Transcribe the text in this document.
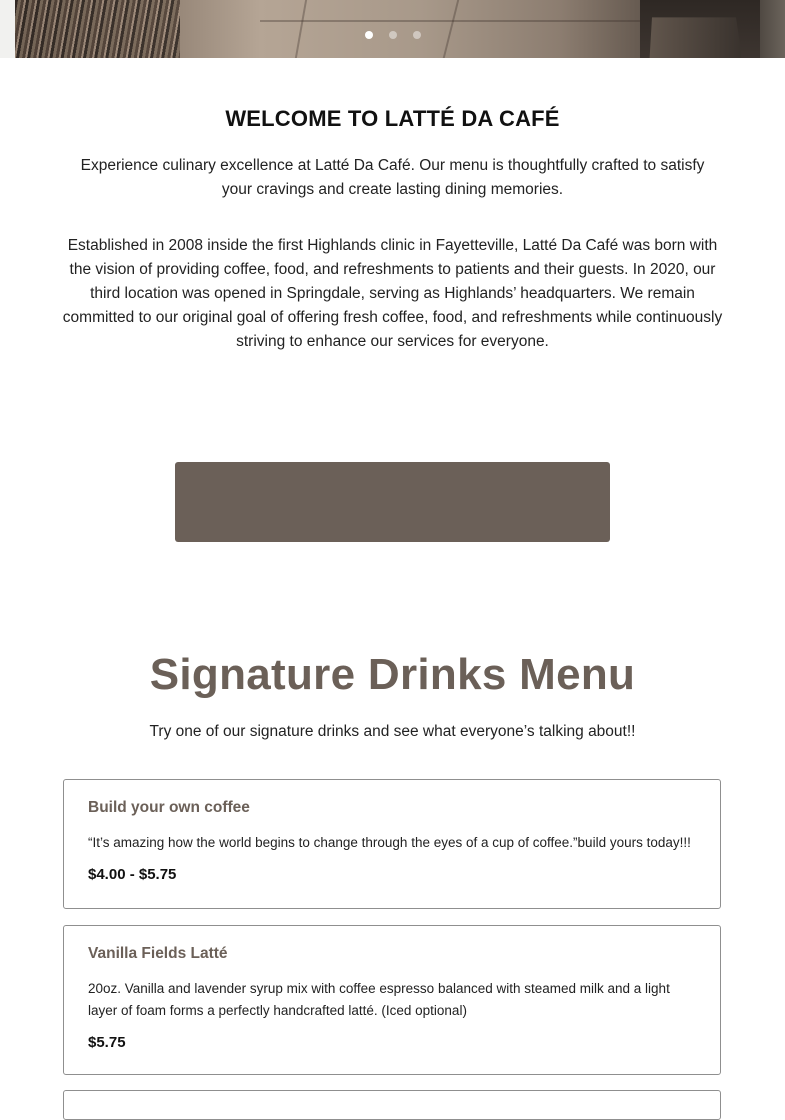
WELCOME TO LATTÉ DA CAFÉ

Experience culinary excellence at Latté Da Café. Our menu is thoughtfully crafted to satisfy your cravings and create lasting dining memories.

Established in 2008 inside the first Highlands clinic in Fayetteville, Latté Da Café was born with the vision of providing coffee, food, and refreshments to patients and their guests. In 2020, our third location was opened in Springdale, serving as Highlands’ headquarters. We remain committed to our original goal of offering fresh coffee, food, and refreshments while continuously striving to enhance our services for everyone.

Signature Drinks Menu

Try one of our signature drinks and see what everyone’s talking about!!

Build your own coffee
“It’s amazing how the world begins to change through the eyes of a cup of coffee.”build yours today!!!
$4.00 - $5.75
Vanilla Fields Latté
20oz. Vanilla and lavender syrup mix with coffee espresso balanced with steamed milk and a light layer of foam forms a perfectly handcrafted latté. (Iced optional)
$5.75
